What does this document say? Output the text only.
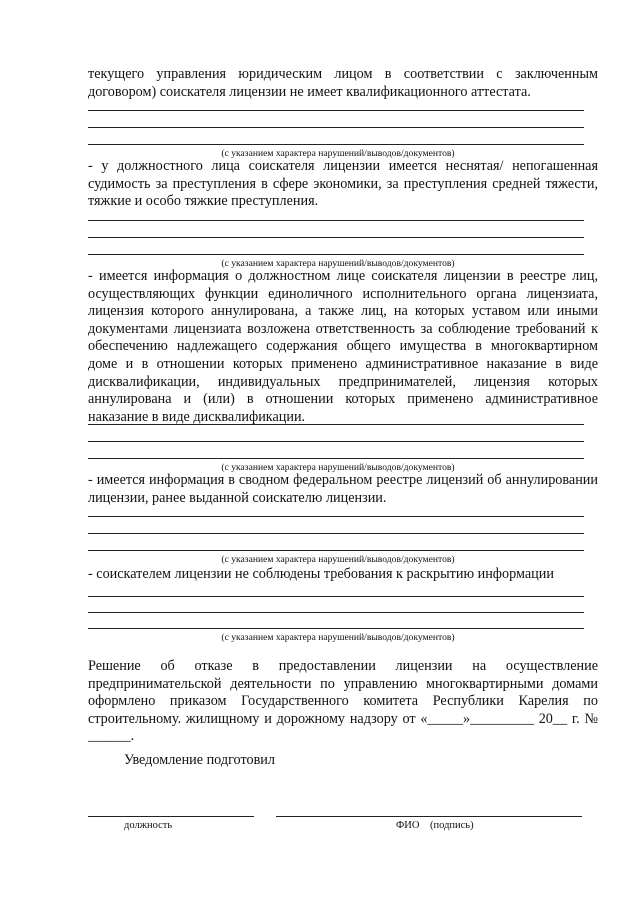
текущего управления юридическим лицом в соответствии с заключенным договором) соискателя лицензии не имеет квалификационного аттестата.

(с указанием характера нарушений/выводов/документов)

- у должностного лица соискателя лицензии имеется неснятая/ непогашенная судимость за преступления в сфере экономики, за преступления средней тяжести, тяжкие и особо тяжкие преступления.

(с указанием характера нарушений/выводов/документов)

- имеется информация о должностном лице соискателя лицензии в реестре лиц, осуществляющих функции единоличного исполнительного органа лицензиата, лицензия которого аннулирована, а также лиц, на которых уставом или иными документами лицензиата возложена ответственность за соблюдение требований к обеспечению надлежащего содержания общего имущества в многоквартирном доме и в отношении которых применено административное наказание в виде дисквалификации, индивидуальных предпринимателей, лицензия которых аннулирована и (или) в отношении которых применено административное наказание в виде дисквалификации.

(с указанием характера нарушений/выводов/документов)

- имеется информация в сводном федеральном реестре лицензий об аннулировании лицензии, ранее выданной соискателю лицензии.

(с указанием характера нарушений/выводов/документов)

- соискателем лицензии не соблюдены требования к раскрытию информации

(с указанием характера нарушений/выводов/документов)

Решение об отказе в предоставлении лицензии на осуществление предпринимательской деятельности по управлению многоквартирными домами оформлено приказом Государственного комитета Республики Карелия по строительному. жилищному и дорожному надзору от «_____»_________ 20__ г. № ______.

Уведомление подготовил
должность	ФИО (подпись)
